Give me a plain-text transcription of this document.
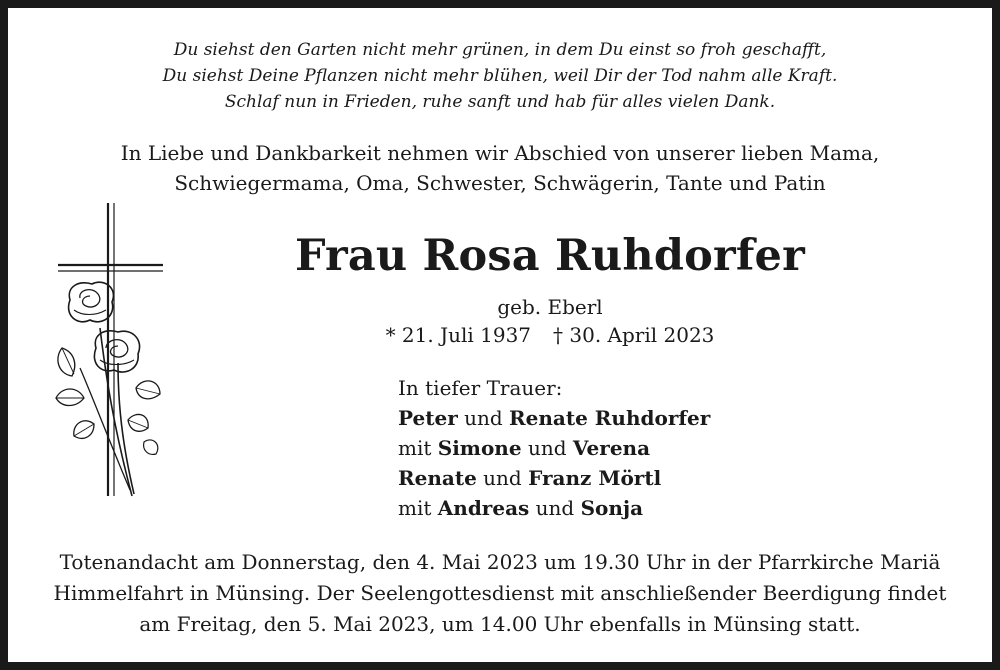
Du siehst den Garten nicht mehr grünen, in dem Du einst so froh geschafft,
Du siehst Deine Pflanzen nicht mehr blühen, weil Dir der Tod nahm alle Kraft.
Schlaf nun in Frieden, ruhe sanft und hab für alles vielen Dank.
In Liebe und Dankbarkeit nehmen wir Abschied von unserer lieben Mama,
Schwiegermama, Oma, Schwester, Schwägerin, Tante und Patin
Frau Rosa Ruhdorfer
geb. Eberl
* 21. Juli 1937 † 30. April 2023
In tiefer Trauer:
Peter und Renate Ruhdorfer
mit Simone und Verena
Renate und Franz Mörtl
mit Andreas und Sonja
Totenandacht am Donnerstag, den 4. Mai 2023 um 19.30 Uhr in der Pfarrkirche Mariä
Himmelfahrt in Münsing. Der Seelengottesdienst mit anschließender Beerdigung findet
am Freitag, den 5. Mai 2023, um 14.00 Uhr ebenfalls in Münsing statt.
